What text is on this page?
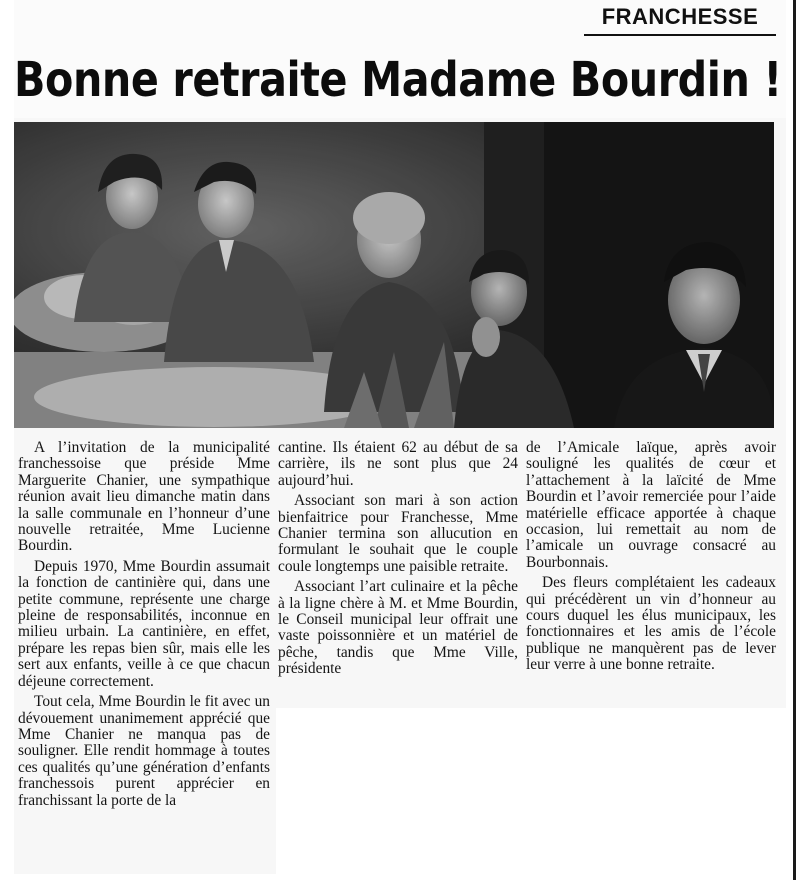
FRANCHESSE
Bonne retraite Madame Bourdin !

A l’invitation de la municipalité franchessoise que préside Mme Marguerite Chanier, une sympathique réunion avait lieu dimanche matin dans la salle communale en l’honneur d’une nouvelle retraitée, Mme Lucienne Bourdin.

Depuis 1970, Mme Bourdin assumait la fonction de cantinière qui, dans une petite commune, représente une charge pleine de responsabilités, inconnue en milieu urbain. La cantinière, en effet, prépare les repas bien sûr, mais elle les sert aux enfants, veille à ce que chacun déjeune correctement.

Tout cela, Mme Bourdin le fit avec un dévouement unanimement apprécié que Mme Chanier ne manqua pas de souligner. Elle rendit hommage à toutes ces qualités qu’une génération d’enfants franchessois purent apprécier en franchissant la porte de la

cantine. Ils étaient 62 au début de sa carrière, ils ne sont plus que 24 aujourd’hui.

Associant son mari à son action bienfaitrice pour Franchesse, Mme Chanier termina son allucution en formulant le souhait que le couple coule longtemps une paisible retraite.

Associant l’art culinaire et la pêche à la ligne chère à M. et Mme Bourdin, le Conseil municipal leur offrait une vaste poissonnière et un matériel de pêche, tandis que Mme Ville, présidente

de l’Amicale laïque, après avoir souligné les qualités de cœur et l’attachement à la laïcité de Mme Bourdin et l’avoir remerciée pour l’aide matérielle efficace apportée à chaque occasion, lui remettait au nom de l’amicale un ouvrage consacré au Bourbonnais.

Des fleurs complétaient les cadeaux qui précédèrent un vin d’honneur au cours duquel les élus municipaux, les fonctionnaires et les amis de l’école publique ne manquèrent pas de lever leur verre à une bonne retraite.
